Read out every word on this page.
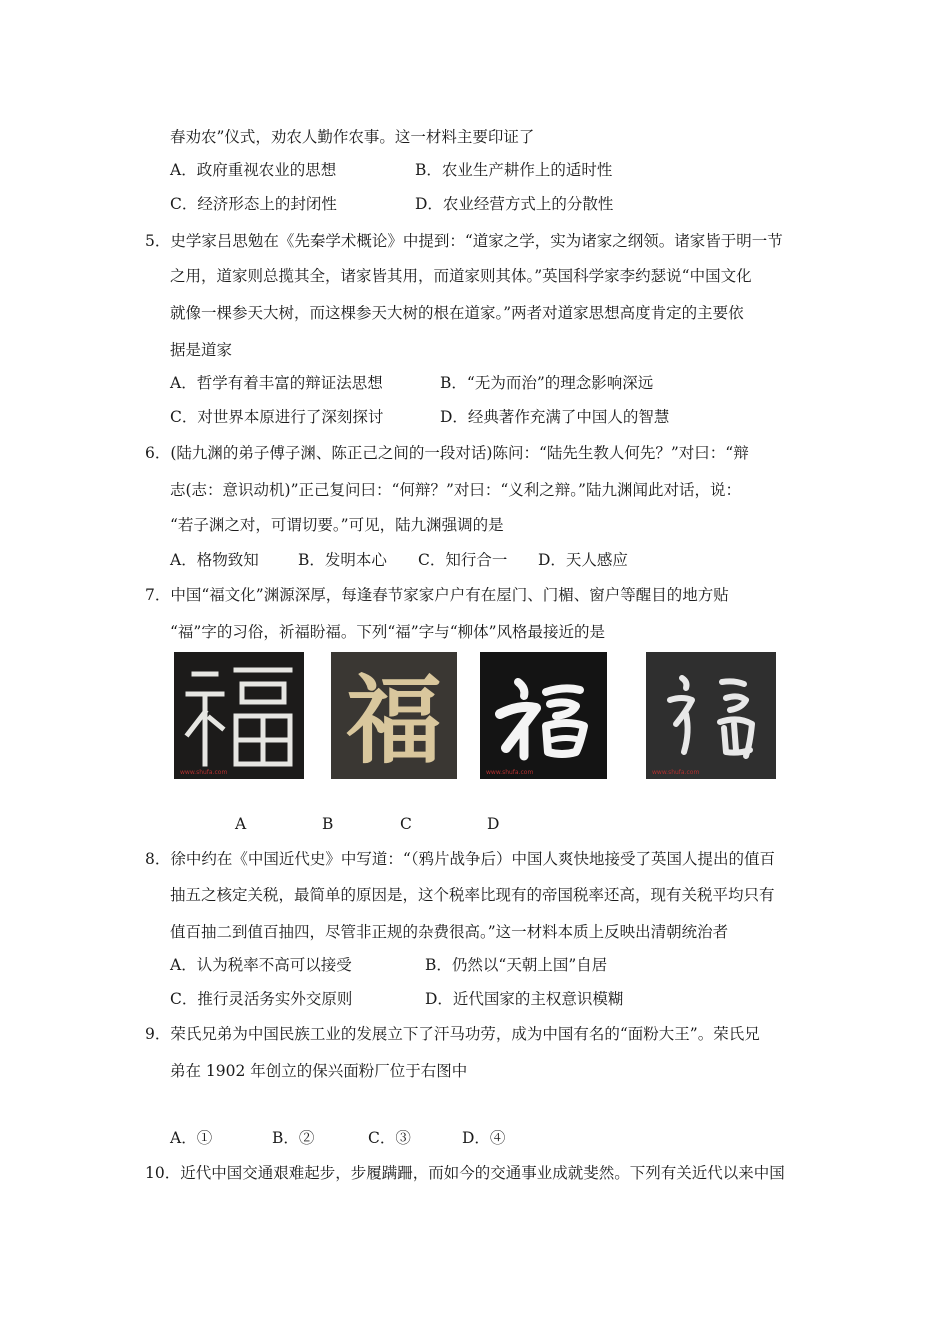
春劝农”仪式，劝农人勤作农事。这一材料主要印证了
A．政府重视农业的思想	B．农业生产耕作上的适时性
C．经济形态上的封闭性	D．农业经营方式上的分散性
5．史学家吕思勉在《先秦学术概论》中提到：“道家之学，实为诸家之纲领。诸家皆于明一节
之用，道家则总揽其全，诸家皆其用，而道家则其体。”英国科学家李约瑟说“中国文化
就像一棵参天大树，而这棵参天大树的根在道家。”两者对道家思想高度肯定的主要依
据是道家
A．哲学有着丰富的辩证法思想	B．“无为而治”的理念影响深远
C．对世界本原进行了深刻探讨	D．经典著作充满了中国人的智慧
6．(陆九渊的弟子傅子渊、陈正己之间的一段对话)陈问：“陆先生教人何先？”对曰：“辩
志(志：意识动机)”正己复问曰：“何辩？”对曰：“义利之辩。”陆九渊闻此对话，说：
“若子渊之对，可谓切要。”可见，陆九渊强调的是
A．格物致知	B．发明本心 C．知行合一 D．天人感应
7．中国“福文化”渊源深厚，每逢春节家家户户有在屋门、门楣、窗户等醒目的地方贴
“福”字的习俗，祈福盼福。下列“福”字与“柳体”风格最接近的是
www.shufa.com 福	www.shufa.com	www.shufa.com
A	B	C	D
8．徐中约在《中国近代史》中写道：“（鸦片战争后）中国人爽快地接受了英国人提出的值百
抽五之核定关税，最简单的原因是，这个税率比现有的帝国税率还高，现有关税平均只有
值百抽二到值百抽四，尽管非正规的杂费很高。”这一材料本质上反映出清朝统治者
A．认为税率不高可以接受	B．仍然以“天朝上国”自居
C．推行灵活务实外交原则	D．近代国家的主权意识模糊
9．荣氏兄弟为中国民族工业的发展立下了汗马功劳，成为中国有名的“面粉大王”。荣氏兄
弟在 1902 年创立的保兴面粉厂位于右图中
A．①	B．②	C．③	D．④
10．近代中国交通艰难起步，步履蹒跚，而如今的交通事业成就斐然。下列有关近代以来中国
